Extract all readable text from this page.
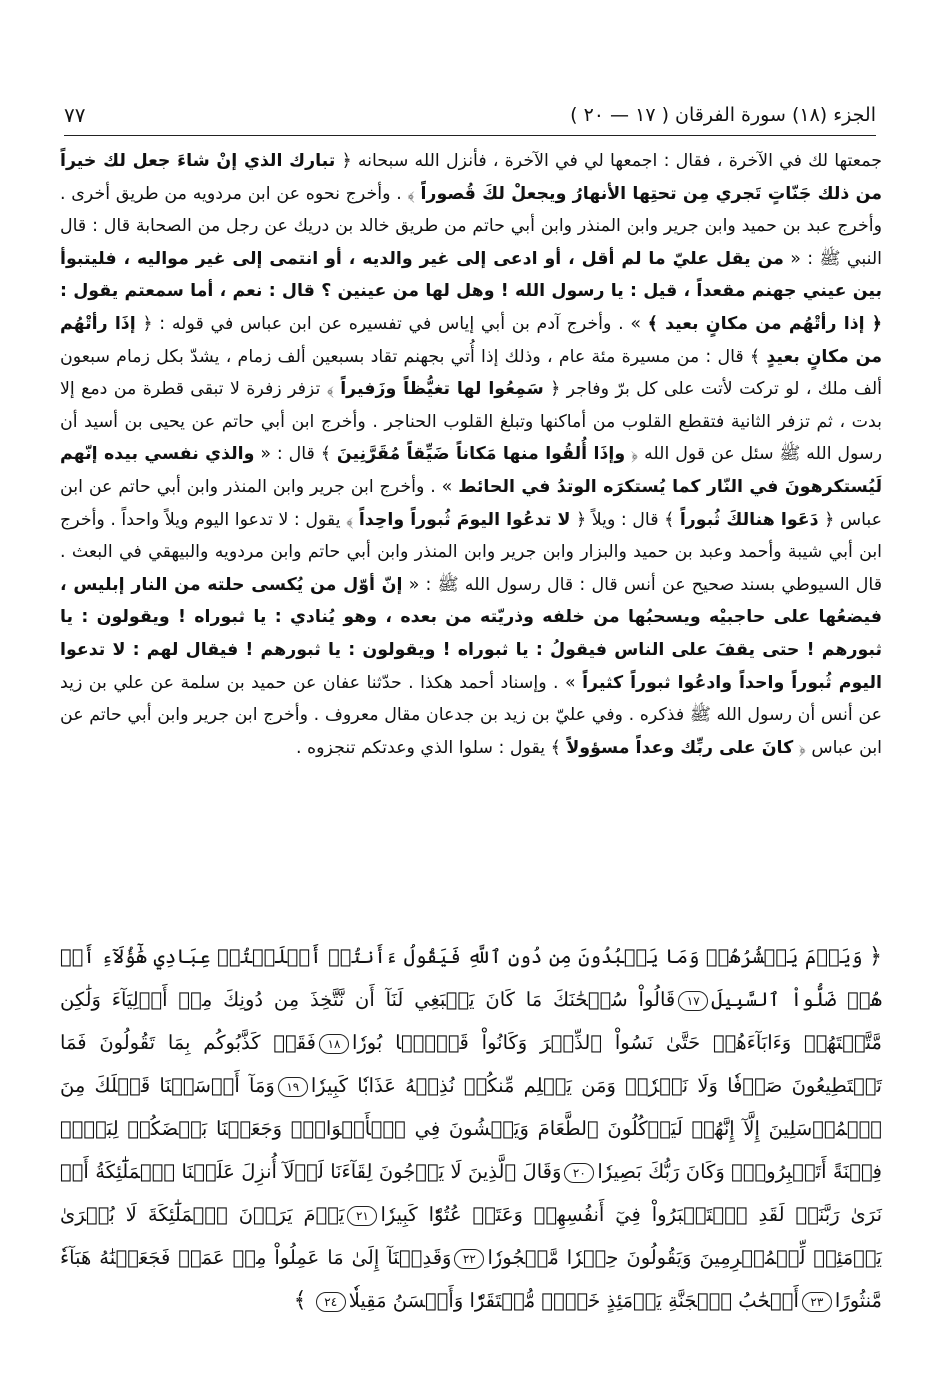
الجزء (١٨) سورة الفرقان ( ١٧ — ٢٠ )
٧٧

جمعتها لك في الآخرة ، فقال : اجمعها لي في الآخرة ، فأنزل الله سبحانه ﴿ تبارك الذي إنْ شاءَ جعل لك خيراً من ذلك جَنّاتٍ تَجري مِن تحتِها الأنهارُ ويجعلْ لكَ قُصوراً ﴾ . وأخرج نحوه عن ابن مردويه من طريق أخرى . وأخرج عبد بن حميد وابن جرير وابن المنذر وابن أبي حاتم من طريق خالد بن دريك عن رجل من الصحابة قال : قال النبي ﷺ : « من يقل عليّ ما لم أقل ، أو ادعى إلى غير والديه ، أو انتمى إلى غير مواليه ، فليتبوأ بين عيني جهنم مقعداً ، قيل : يا رسول الله ! وهل لها من عينين ؟ قال : نعم ، أما سمعتم يقول : ﴿ إذا رأتْهُم من مكانٍ بعيد ﴾ » . وأخرج آدم بن أبي إياس في تفسيره عن ابن عباس في قوله : ﴿ إذَا رأتْهُم من مكانٍ بعيدٍ ﴾ قال : من مسيرة مئة عام ، وذلك إذا أُتي بجهنم تقاد بسبعين ألف زمام ، يشدّ بكل زمام سبعون ألف ملك ، لو تركت لأتت على كل برّ وفاجر ﴿ سَمِعُوا لها تغيُّظاً وزَفيراً ﴾ تزفر زفرة لا تبقى قطرة من دمع إلا بدت ، ثم تزفر الثانية فتقطع القلوب من أماكنها وتبلغ القلوب الحناجر . وأخرج ابن أبي حاتم عن يحيى بن أسيد أن رسول الله ﷺ سئل عن قول الله ﴿ وإذَا أُلقُوا منها مَكاناً ضَيِّقاً مُقَرَّنِينَ ﴾ قال : « والذي نفسي بيده إنّهم لَيُستكرهونَ في النّار كما يُستكرَه الوتدُ في الحائط » . وأخرج ابن جرير وابن المنذر وابن أبي حاتم عن ابن عباس ﴿ دَعَوا هنالكَ ثُبوراً ﴾ قال : ويلاً ﴿ لا تدعُوا اليومَ ثُبوراً واحِداً ﴾ يقول : لا تدعوا اليوم ويلاً واحداً . وأخرج ابن أبي شيبة وأحمد وعبد بن حميد والبزار وابن جرير وابن المنذر وابن أبي حاتم وابن مردويه والبيهقي في البعث . قال السيوطي بسند صحيح عن أنس قال : قال رسول الله ﷺ : « إنّ أوّل من يُكسى حلته من النار إبليس ، فيضعُها على حاجبيْه ويسحبُها من خلفه وذريّته من بعده ، وهو يُنادي : يا ثبوراه ! ويقولون : يا ثبورهم ! حتى يقفَ على الناس فيقولُ : يا ثبوراه ! ويقولون : يا ثبورهم ! فيقال لهم : لا تدعوا اليوم ثُبوراً واحداً وادعُوا ثبوراً كثيراً » . وإسناد أحمد هكذا . حدّثنا عفان عن حميد بن سلمة عن علي بن زيد عن أنس أن رسول الله ﷺ فذكره . وفي عليّ بن زيد بن جدعان مقال معروف . وأخرج ابن جرير وابن أبي حاتم عن ابن عباس ﴿ كانَ على ربِّك وعداً مسؤولاً ﴾ يقول : سلوا الذي وعدتكم تنجزوه .

﴿ وَيَوۡمَ يَحۡشُرُهُمۡ وَمَا يَعۡبُدُونَ مِن دُونِ ٱللَّهِ فَيَقُولُ ءَأَنتُمۡ أَضۡلَلۡتُمۡ عِبَادِي هَٰٓؤُلَآءِ أَمۡ هُمۡ ضَلُّواْ ٱلسَّبِيلَ١٧قَالُواْ سُبۡحَٰنَكَ مَا كَانَ يَنۢبَغِي لَنَآ أَن نَّتَّخِذَ مِن دُونِكَ مِنۡ أَوۡلِيَآءَ وَلَٰكِن مَّتَّعۡتَهُمۡ وَءَابَآءَهُمۡ حَتَّىٰ نَسُواْ ٱلذِّكۡرَ وَكَانُواْ قَوۡمَۢا بُورٗا١٨فَقَدۡ كَذَّبُوكُم بِمَا تَقُولُونَ فَمَا تَسۡتَطِيعُونَ صَرۡفٗا وَلَا نَصۡرٗاۚ وَمَن يَظۡلِم مِّنكُمۡ نُذِقۡهُ عَذَابٗا كَبِيرٗا١٩وَمَآ أَرۡسَلۡنَا قَبۡلَكَ مِنَ ٱلۡمُرۡسَلِينَ إِلَّآ إِنَّهُمۡ لَيَأۡكُلُونَ ٱلطَّعَامَ وَيَمۡشُونَ فِي ٱلۡأَسۡوَاقِۗ وَجَعَلۡنَا بَعۡضَكُمۡ لِبَعۡضٖ فِتۡنَةً أَتَصۡبِرُونَۗ وَكَانَ رَبُّكَ بَصِيرٗا٢٠وَقَالَ ٱلَّذِينَ لَا يَرۡجُونَ لِقَآءَنَا لَوۡلَآ أُنزِلَ عَلَيۡنَا ٱلۡمَلَٰٓئِكَةُ أَوۡ نَرَىٰ رَبَّنَاۗ لَقَدِ ٱسۡتَكۡبَرُواْ فِيٓ أَنفُسِهِمۡ وَعَتَوۡ عُتُوّٗا كَبِيرٗا٢١يَوۡمَ يَرَوۡنَ ٱلۡمَلَٰٓئِكَةَ لَا بُشۡرَىٰ يَوۡمَئِذٖ لِّلۡمُجۡرِمِينَ وَيَقُولُونَ حِجۡرٗا مَّحۡجُورٗا٢٢وَقَدِمۡنَآ إِلَىٰ مَا عَمِلُواْ مِنۡ عَمَلٖ فَجَعَلۡنَٰهُ هَبَآءٗ مَّنثُورًا٢٣أَصۡحَٰبُ ٱلۡجَنَّةِ يَوۡمَئِذٍ خَيۡرٞ مُّسۡتَقَرّٗا وَأَحۡسَنُ مَقِيلٗا٢٤ ﴾
